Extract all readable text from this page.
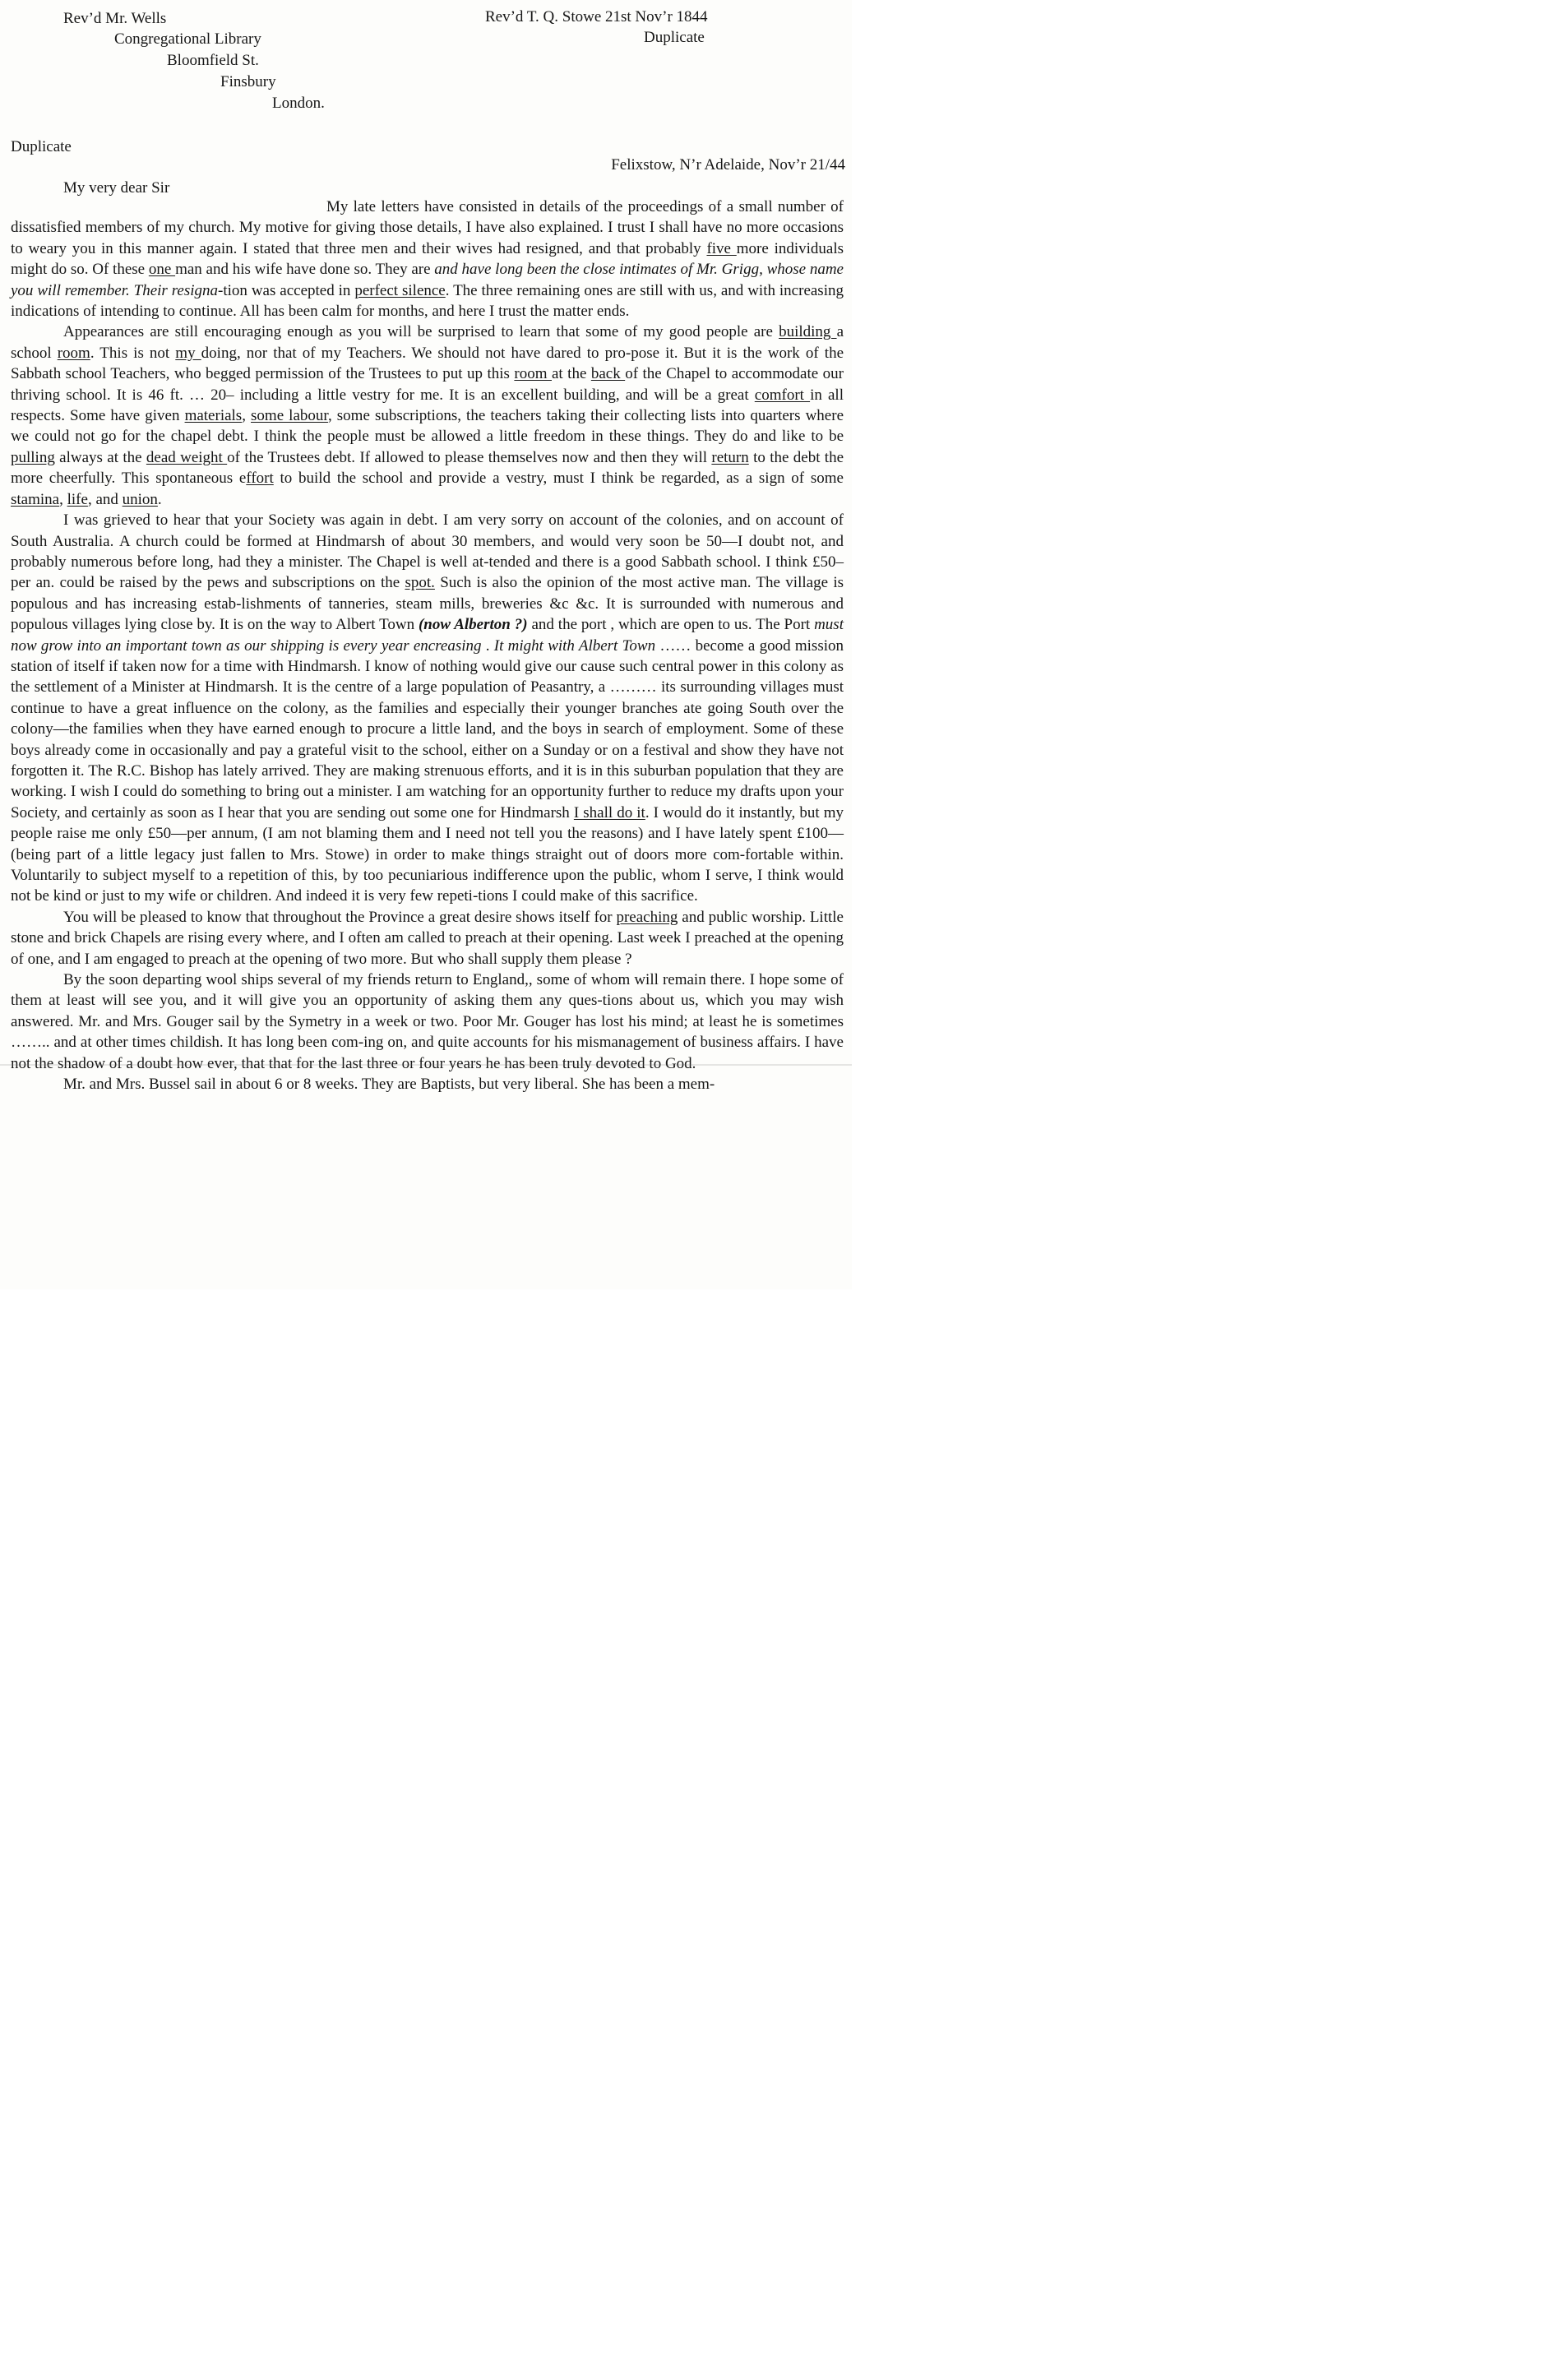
Rev’d Mr. Wells
Congregational Library
Bloomfield St.
Finsbury
London.
Rev’d T. Q. Stowe 21st Nov’r 1844
Duplicate
Duplicate
Felixstow, N’r Adelaide, Nov’r 21/44
My very dear Sir

My late letters have consisted in details of the proceedings of a small number of dissatisfied members of my church. My motive for giving those details, I have also explained. I trust I shall have no more occasions to weary you in this manner again. I stated that three men and their wives had resigned, and that probably five more individuals might do so. Of these one man and his wife have done so. They are and have long been the close intimates of Mr. Grigg, whose name you will remember. Their resigna-tion was accepted in perfect silence. The three remaining ones are still with us, and with increasing indications of intending to continue. All has been calm for months, and here I trust the matter ends.

Appearances are still encouraging enough as you will be surprised to learn that some of my good people are building a school room. This is not my doing, nor that of my Teachers. We should not have dared to pro-pose it. But it is the work of the Sabbath school Teachers, who begged permission of the Trustees to put up this room at the back of the Chapel to accommodate our thriving school. It is 46 ft. … 20– including a little vestry for me. It is an excellent building, and will be a great comfort in all respects. Some have given materials, some labour, some subscriptions, the teachers taking their collecting lists into quarters where we could not go for the chapel debt. I think the people must be allowed a little freedom in these things. They do and like to be pulling always at the dead weight of the Trustees debt. If allowed to please themselves now and then they will return to the debt the more cheerfully. This spontaneous effort to build the school and provide a vestry, must I think be regarded, as a sign of some stamina, life, and union.

I was grieved to hear that your Society was again in debt. I am very sorry on account of the colonies, and on account of South Australia. A church could be formed at Hindmarsh of about 30 members, and would very soon be 50—I doubt not, and probably numerous before long, had they a minister. The Chapel is well at-tended and there is a good Sabbath school. I think £50– per an. could be raised by the pews and subscriptions on the spot. Such is also the opinion of the most active man. The village is populous and has increasing estab-lishments of tanneries, steam mills, breweries &c &c. It is surrounded with numerous and populous villages lying close by. It is on the way to Albert Town (now Alberton ?) and the port , which are open to us. The Port must now grow into an important town as our shipping is every year encreasing . It might with Albert Town …… become a good mission station of itself if taken now for a time with Hindmarsh. I know of nothing would give our cause such central power in this colony as the settlement of a Minister at Hindmarsh. It is the centre of a large population of Peasantry, a ……… its surrounding villages must continue to have a great influence on the colony, as the families and especially their younger branches ate going South over the colony—the families when they have earned enough to procure a little land, and the boys in search of employment. Some of these boys already come in occasionally and pay a grateful visit to the school, either on a Sunday or on a festival and show they have not forgotten it. The R.C. Bishop has lately arrived. They are making strenuous efforts, and it is in this suburban population that they are working. I wish I could do something to bring out a minister. I am watching for an opportunity further to reduce my drafts upon your Society, and certainly as soon as I hear that you are sending out some one for Hindmarsh I shall do it. I would do it instantly, but my people raise me only £50—per annum, (I am not blaming them and I need not tell you the reasons) and I have lately spent £100—(being part of a little legacy just fallen to Mrs. Stowe) in order to make things straight out of doors more com-fortable within. Voluntarily to subject myself to a repetition of this, by too pecuniarious indifference upon the public, whom I serve, I think would not be kind or just to my wife or children. And indeed it is very few repeti-tions I could make of this sacrifice.

You will be pleased to know that throughout the Province a great desire shows itself for preaching and public worship. Little stone and brick Chapels are rising every where, and I often am called to preach at their opening. Last week I preached at the opening of one, and I am engaged to preach at the opening of two more. But who shall supply them please ?

By the soon departing wool ships several of my friends return to England,, some of whom will remain there. I hope some of them at least will see you, and it will give you an opportunity of asking them any ques-tions about us, which you may wish answered. Mr. and Mrs. Gouger sail by the Symetry in a week or two. Poor Mr. Gouger has lost his mind; at least he is sometimes …….. and at other times childish. It has long been com-ing on, and quite accounts for his mismanagement of business affairs. I have not the shadow of a doubt how ever, that that for the last three or four years he has been truly devoted to God.

Mr. and Mrs. Bussel sail in about 6 or 8 weeks. They are Baptists, but very liberal. She has been a mem-
